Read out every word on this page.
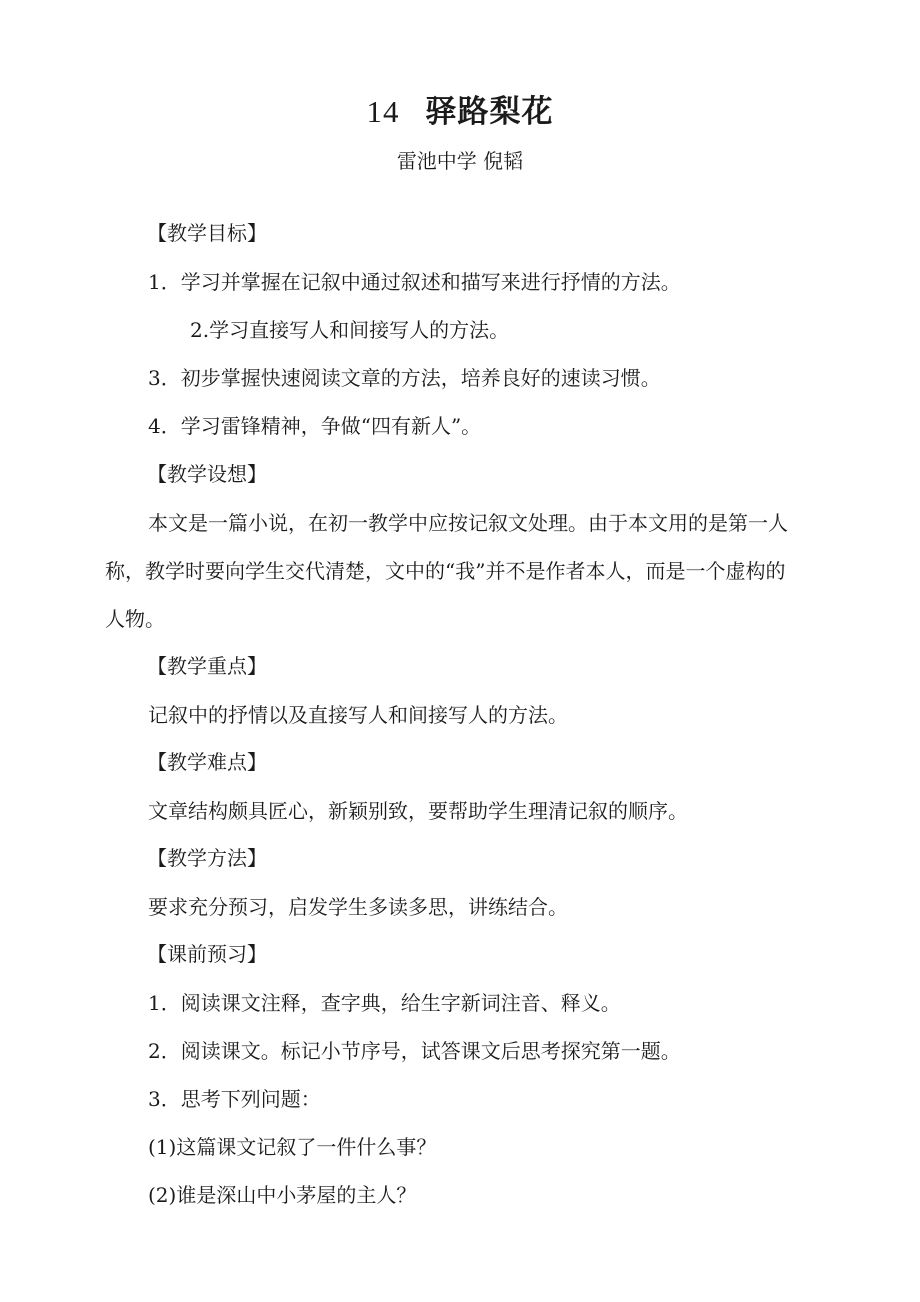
14 驿路梨花
雷池中学 倪韬
【教学目标】
1．学习并掌握在记叙中通过叙述和描写来进行抒情的方法。
2.学习直接写人和间接写人的方法。
3．初步掌握快速阅读文章的方法，培养良好的速读习惯。
4．学习雷锋精神，争做“四有新人”。
【教学设想】
本文是一篇小说，在初一教学中应按记叙文处理。由于本文用的是第一人称，教学时要向学生交代清楚，文中的“我”并不是作者本人，而是一个虚构的人物。
【教学重点】
记叙中的抒情以及直接写人和间接写人的方法。
【教学难点】
文章结构颇具匠心，新颖别致，要帮助学生理清记叙的顺序。
【教学方法】
要求充分预习，启发学生多读多思，讲练结合。
【课前预习】
1．阅读课文注释，查字典，给生字新词注音、释义。
2．阅读课文。标记小节序号，试答课文后思考探究第一题。
3．思考下列问题：
(1)这篇课文记叙了一件什么事？
(2)谁是深山中小茅屋的主人？
